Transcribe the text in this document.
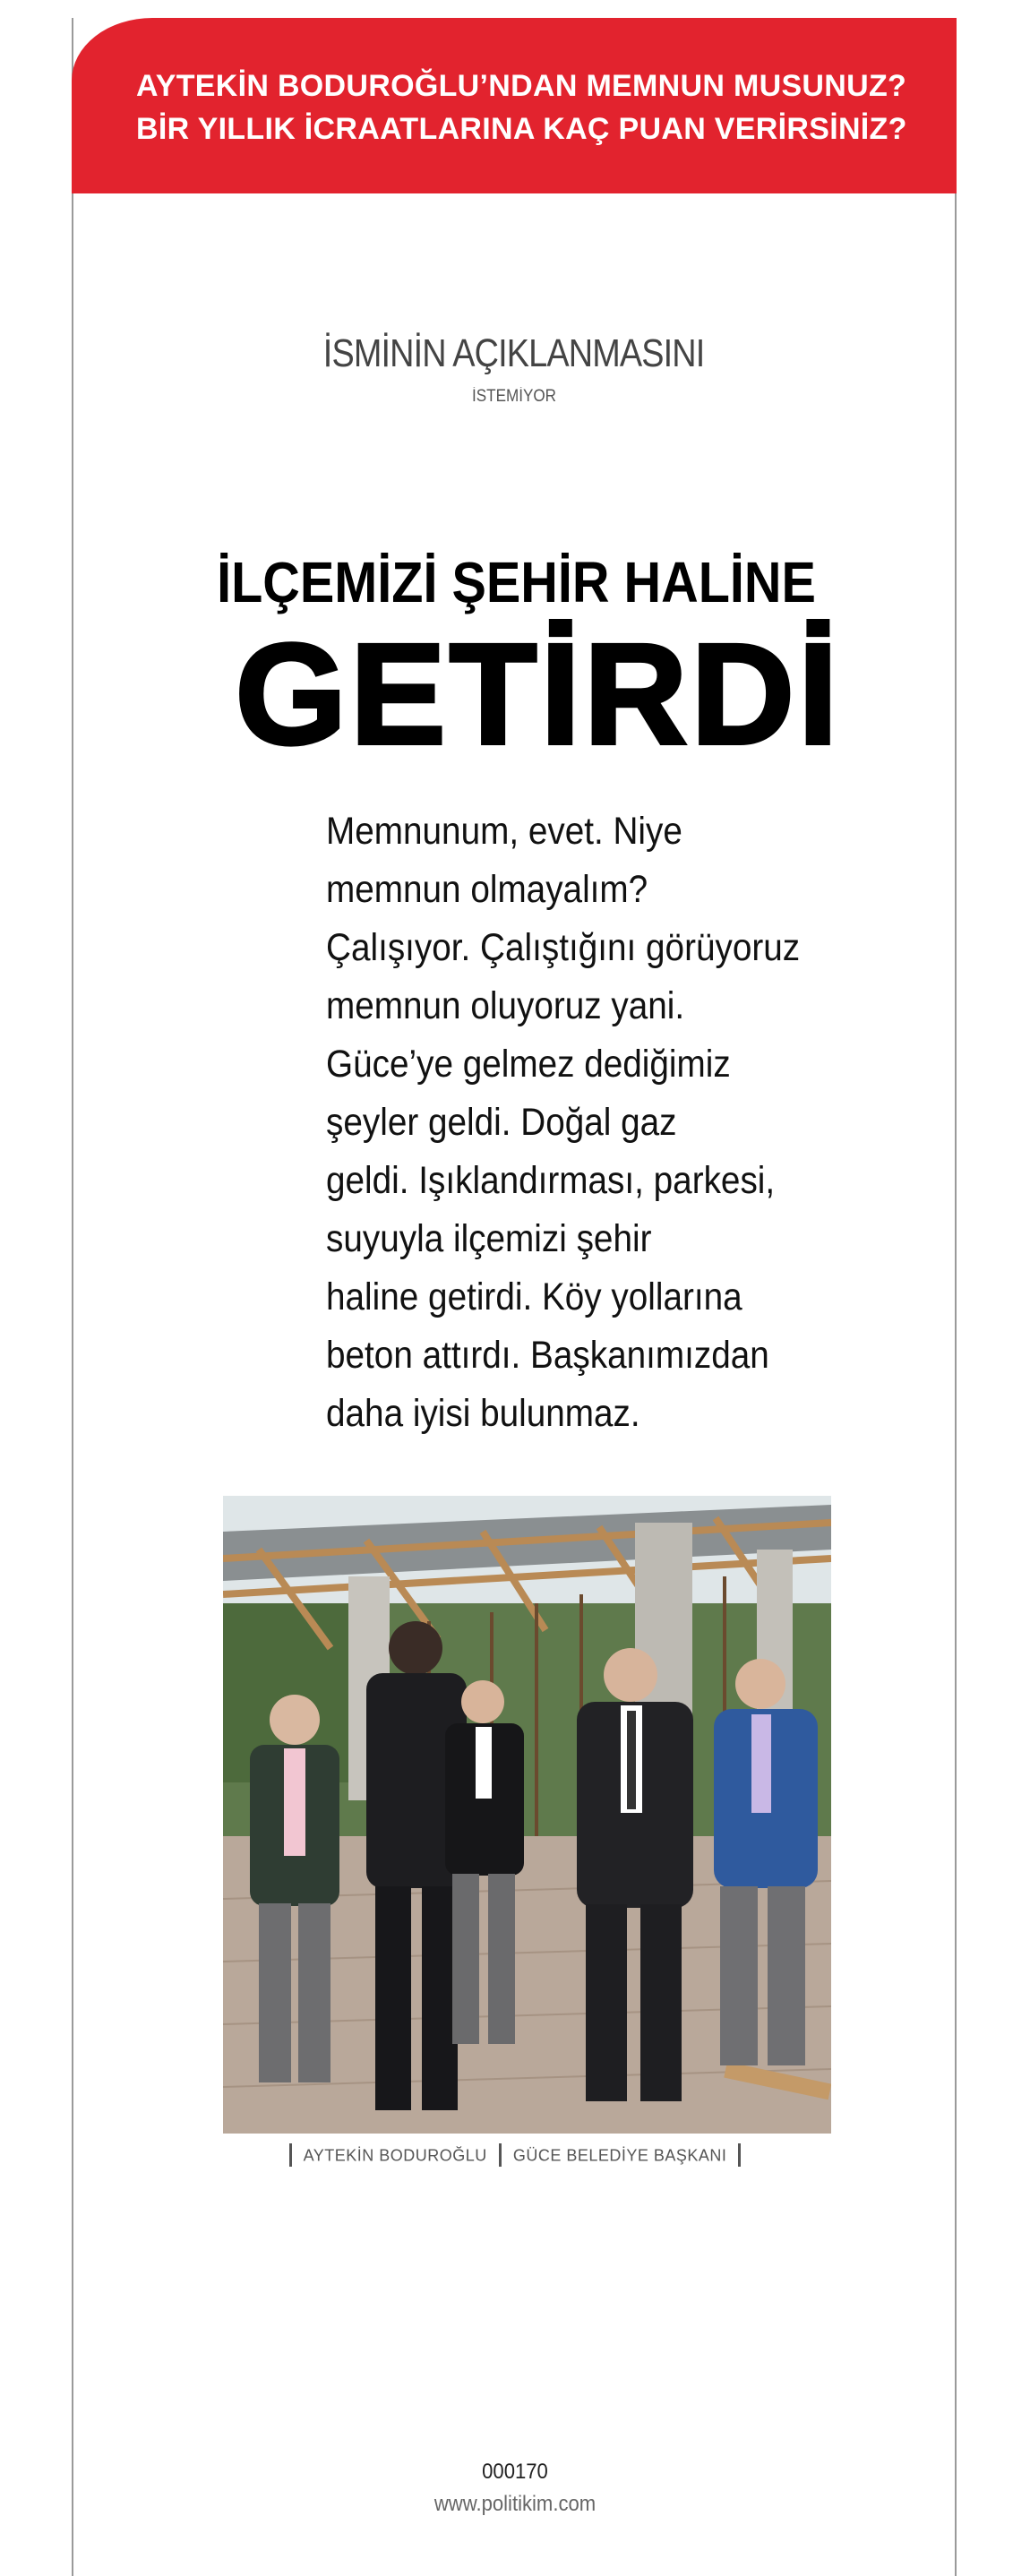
AYTEKİN BODUROĞLU’NDAN MEMNUN MUSUNUZ?
BİR YILLIK İCRAATLARINA KAÇ PUAN VERİRSİNİZ?
İSMİNİN AÇIKLANMASINI
İSTEMİYOR
İLÇEMİZİ ŞEHİR HALİNE
GETİRDİ
Memnunum, evet. Niye
memnun olmayalım?
Çalışıyor. Çalıştığını görüyoruz
memnun oluyoruz yani.
Güce’ye gelmez dediğimiz
şeyler geldi. Doğal gaz
geldi. Işıklandırması, parkesi,
suyuyla ilçemizi şehir
haline getirdi. Köy yollarına
beton attırdı. Başkanımızdan
daha iyisi bulunmaz.
AYTEKİN BODUROĞLU GÜCE BELEDİYE BAŞKANI
000170
www.politikim.com
